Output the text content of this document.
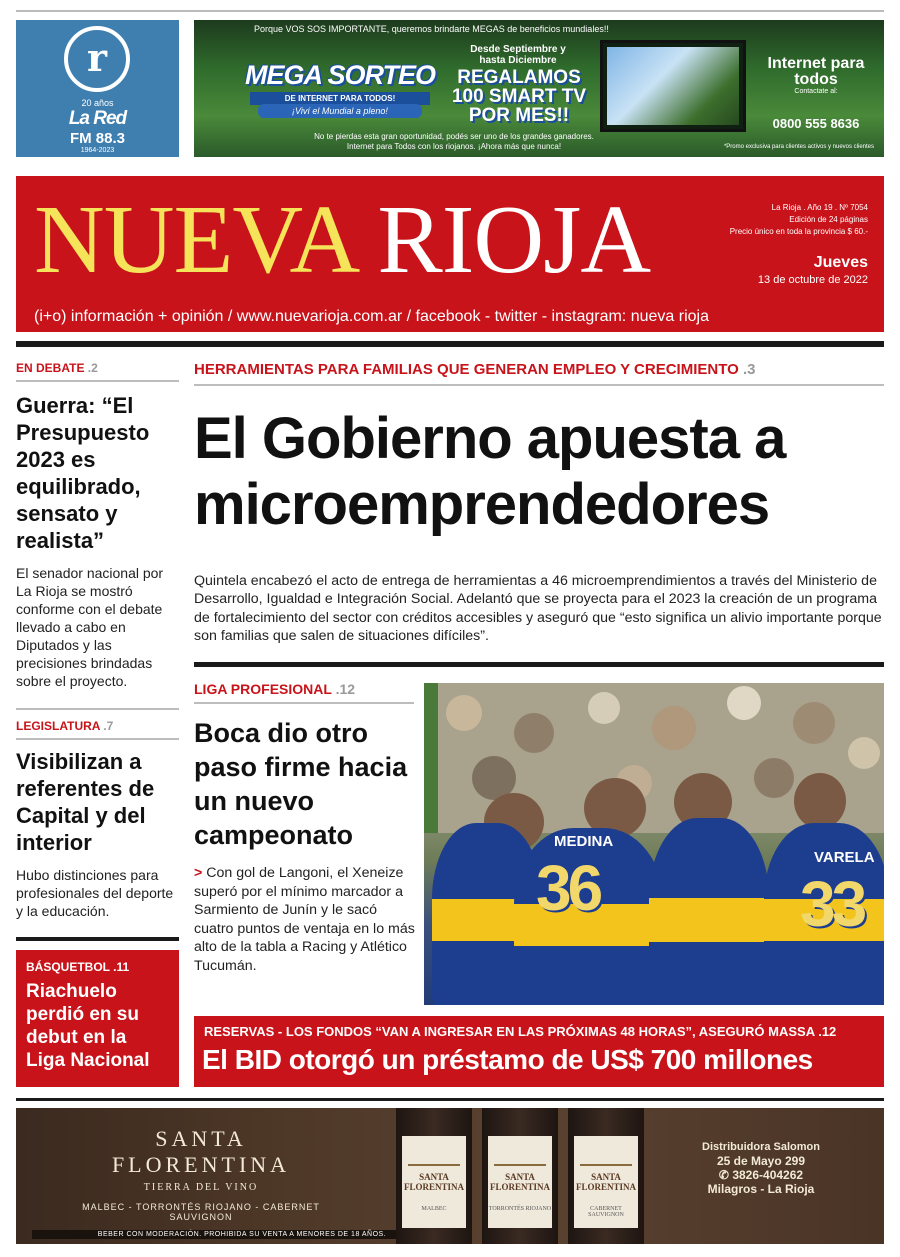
r
20 años
La Red
FM 88.3
1964-2023
Porque VOS SOS IMPORTANTE, queremos brindarte MEGAS de beneficios mundiales!!
MEGA SORTEO
DE INTERNET PARA TODOS!
¡Viví el Mundial a pleno!
Desde Septiembre y hasta Diciembre
REGALAMOS 100 SMART TV POR MES!!
Internet para todos
Contactate al:
0800 555 8636
No te pierdas esta gran oportunidad, podés ser uno de los grandes ganadores. Internet para Todos con los riojanos. ¡Ahora más que nunca!	*Promo exclusiva para clientes activos y nuevos clientes
NUEVA RIOJA	La Rioja . Año 19 . Nº 7054
Edición de 24 páginas
Precio único en toda la provincia $ 60.-
Jueves
13 de octubre de 2022
(i+o) información + opinión / www.nuevarioja.com.ar / facebook - twitter - instagram: nueva rioja
EN DEBATE .2
Guerra: “El Presupuesto 2023 es equilibrado, sensato y realista”
El senador nacional por La Rioja se mostró conforme con el debate llevado a cabo en Diputados y las precisiones brindadas sobre el proyecto.
LEGISLATURA .7
Visibilizan a referentes de Capital y del interior
Hubo distinciones para profesionales del deporte y la educación.
BÁSQUETBOL .11
Riachuelo perdió en su debut en la Liga Nacional
HERRAMIENTAS PARA FAMILIAS QUE GENERAN EMPLEO Y CRECIMIENTO .3
El Gobierno apuesta a microemprendedores
Quintela encabezó el acto de entrega de herramientas a 46 microemprendimientos a través del Ministerio de Desarrollo, Igualdad e Integración Social. Adelantó que se proyecta para el 2023 la creación de un programa de fortalecimiento del sector con créditos accesibles y aseguró que “esto significa un alivio importante porque son familias que salen de situaciones difíciles”.
LIGA PROFESIONAL .12
Boca dio otro paso firme hacia un nuevo campeonato
> Con gol de Langoni, el Xeneize superó por el mínimo marcador a Sarmiento de Junín y le sacó cuatro puntos de ventaja en lo más alto de la tabla a Racing y Atlético Tucumán.
MEDINA
36	VARELA
33
RESERVAS - LOS FONDOS “VAN A INGRESAR EN LAS PRÓXIMAS 48 HORAS”, ASEGURÓ MASSA .12
El BID otorgó un préstamo de US$ 700 millones
SANTA
FLORENTINA
TIERRA DEL VINO
MALBEC - TORRONTÉS RIOJANO - CABERNET SAUVIGNON
BEBER CON MODERACIÓN. PROHIBIDA SU VENTA A MENORES DE 18 AÑOS.
SANTA FLORENTINA
MALBEC
SANTA FLORENTINA
TORRONTÉS RIOJANO
SANTA FLORENTINA
CABERNET SAUVIGNON
Distribuidora Salomon
25 de Mayo 299
✆ 3826-404262
Milagros - La Rioja
